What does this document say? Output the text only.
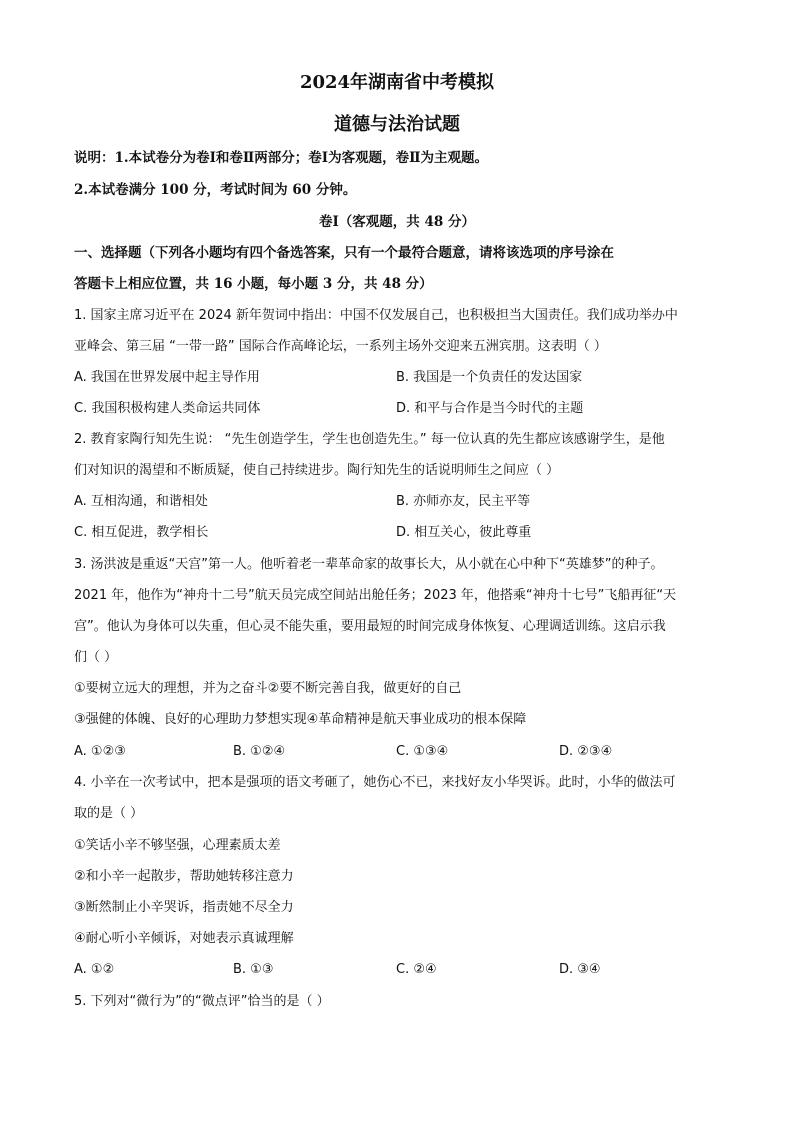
2024年湖南省中考模拟
道德与法治试题
说明：1.本试卷分为卷Ⅰ和卷Ⅱ两部分；卷Ⅰ为客观题，卷Ⅱ为主观题。
2.本试卷满分 100 分，考试时间为 60 分钟。
卷Ⅰ（客观题，共 48 分）
一、选择题（下列各小题均有四个备选答案，只有一个最符合题意，请将该选项的序号涂在
答题卡上相应位置，共 16 小题，每小题 3 分，共 48 分）
1. 国家主席习近平在 2024 新年贺词中指出：中国不仅发展自己，也积极担当大国责任。我们成功举办中
亚峰会、第三届 “一带一路” 国际合作高峰论坛，一系列主场外交迎来五洲宾朋。这表明（ ）
A. 我国在世界发展中起主导作用	B. 我国是一个负责任的发达国家
C. 我国积极构建人类命运共同体	D. 和平与合作是当今时代的主题
2. 教育家陶行知先生说： “先生创造学生，学生也创造先生。” 每一位认真的先生都应该感谢学生，是他
们对知识的渴望和不断质疑，使自己持续进步。陶行知先生的话说明师生之间应（ ）
A. 互相沟通，和谐相处	B. 亦师亦友，民主平等
C. 相互促进，教学相长	D. 相互关心，彼此尊重
3. 汤洪波是重返“天宫”第一人。他听着老一辈革命家的故事长大，从小就在心中种下“英雄梦”的种子。
2021 年，他作为“神舟十二号”航天员完成空间站出舱任务；2023 年，他搭乘“神舟十七号”飞船再征“天
宫”。他认为身体可以失重，但心灵不能失重，要用最短的时间完成身体恢复、心理调适训练。这启示我
们（ ）
①要树立远大的理想，并为之奋斗②要不断完善自我，做更好的自己
③强健的体魄、良好的心理助力梦想实现④革命精神是航天事业成功的根本保障
A. ①②③	B. ①②④	C. ①③④	D. ②③④
4. 小辛在一次考试中，把本是强项的语文考砸了，她伤心不已，来找好友小华哭诉。此时，小华的做法可
取的是（ ）
①笑话小辛不够坚强，心理素质太差
②和小辛一起散步，帮助她转移注意力
③断然制止小辛哭诉，指责她不尽全力
④耐心听小辛倾诉，对她表示真诚理解
A. ①②	B. ①③	C. ②④	D. ③④
5. 下列对“微行为”的“微点评”恰当的是（ ）
